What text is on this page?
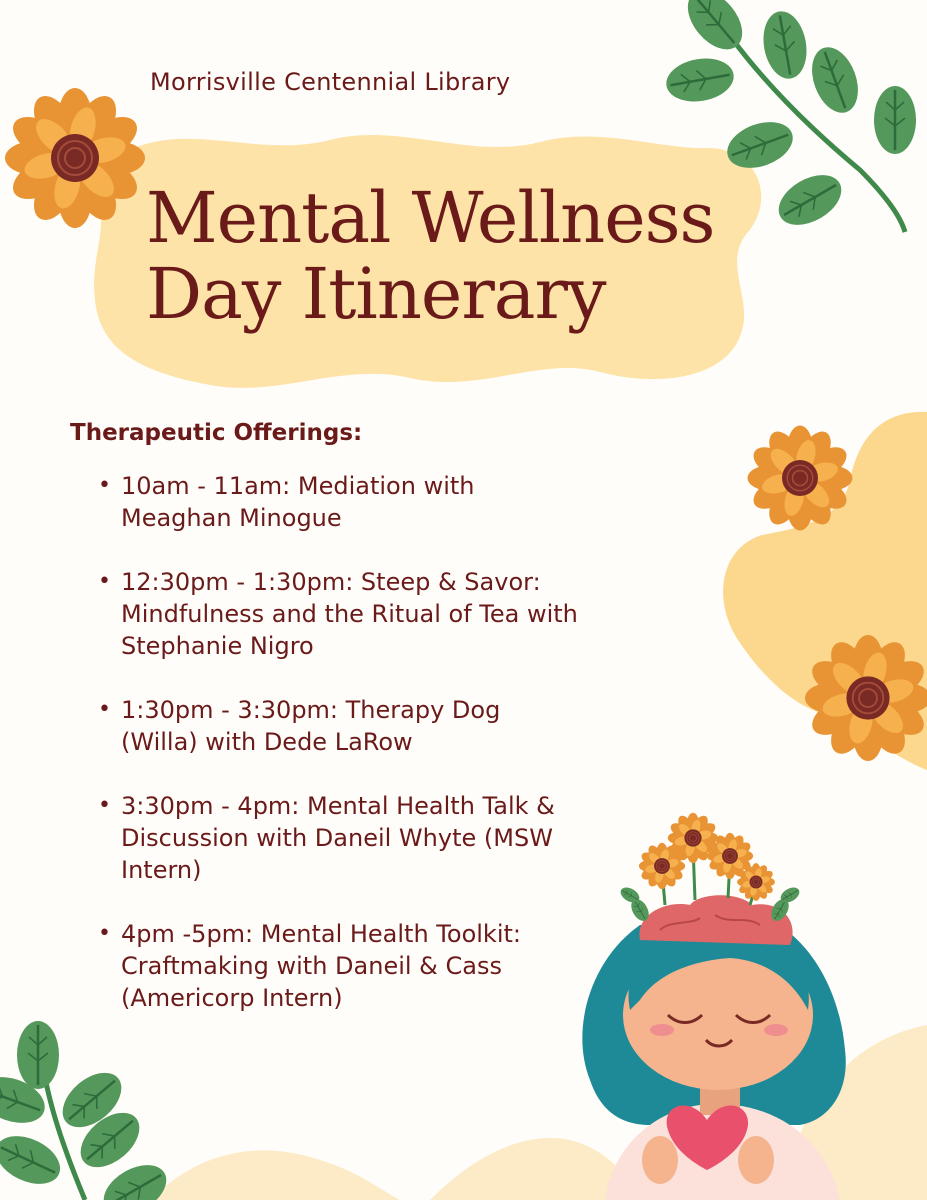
Morrisville Centennial Library
Mental Wellness
Day Itinerary
Therapeutic Offerings:
• 10am - 11am: Mediation with Meaghan Minogue
• 12:30pm - 1:30pm: Steep & Savor: Mindfulness and the Ritual of Tea with Stephanie Nigro
• 1:30pm - 3:30pm: Therapy Dog (Willa) with Dede LaRow
• 3:30pm - 4pm: Mental Health Talk & Discussion with Daneil Whyte (MSW Intern)
• 4pm -5pm: Mental Health Toolkit: Craftmaking with Daneil & Cass (Americorp Intern)
